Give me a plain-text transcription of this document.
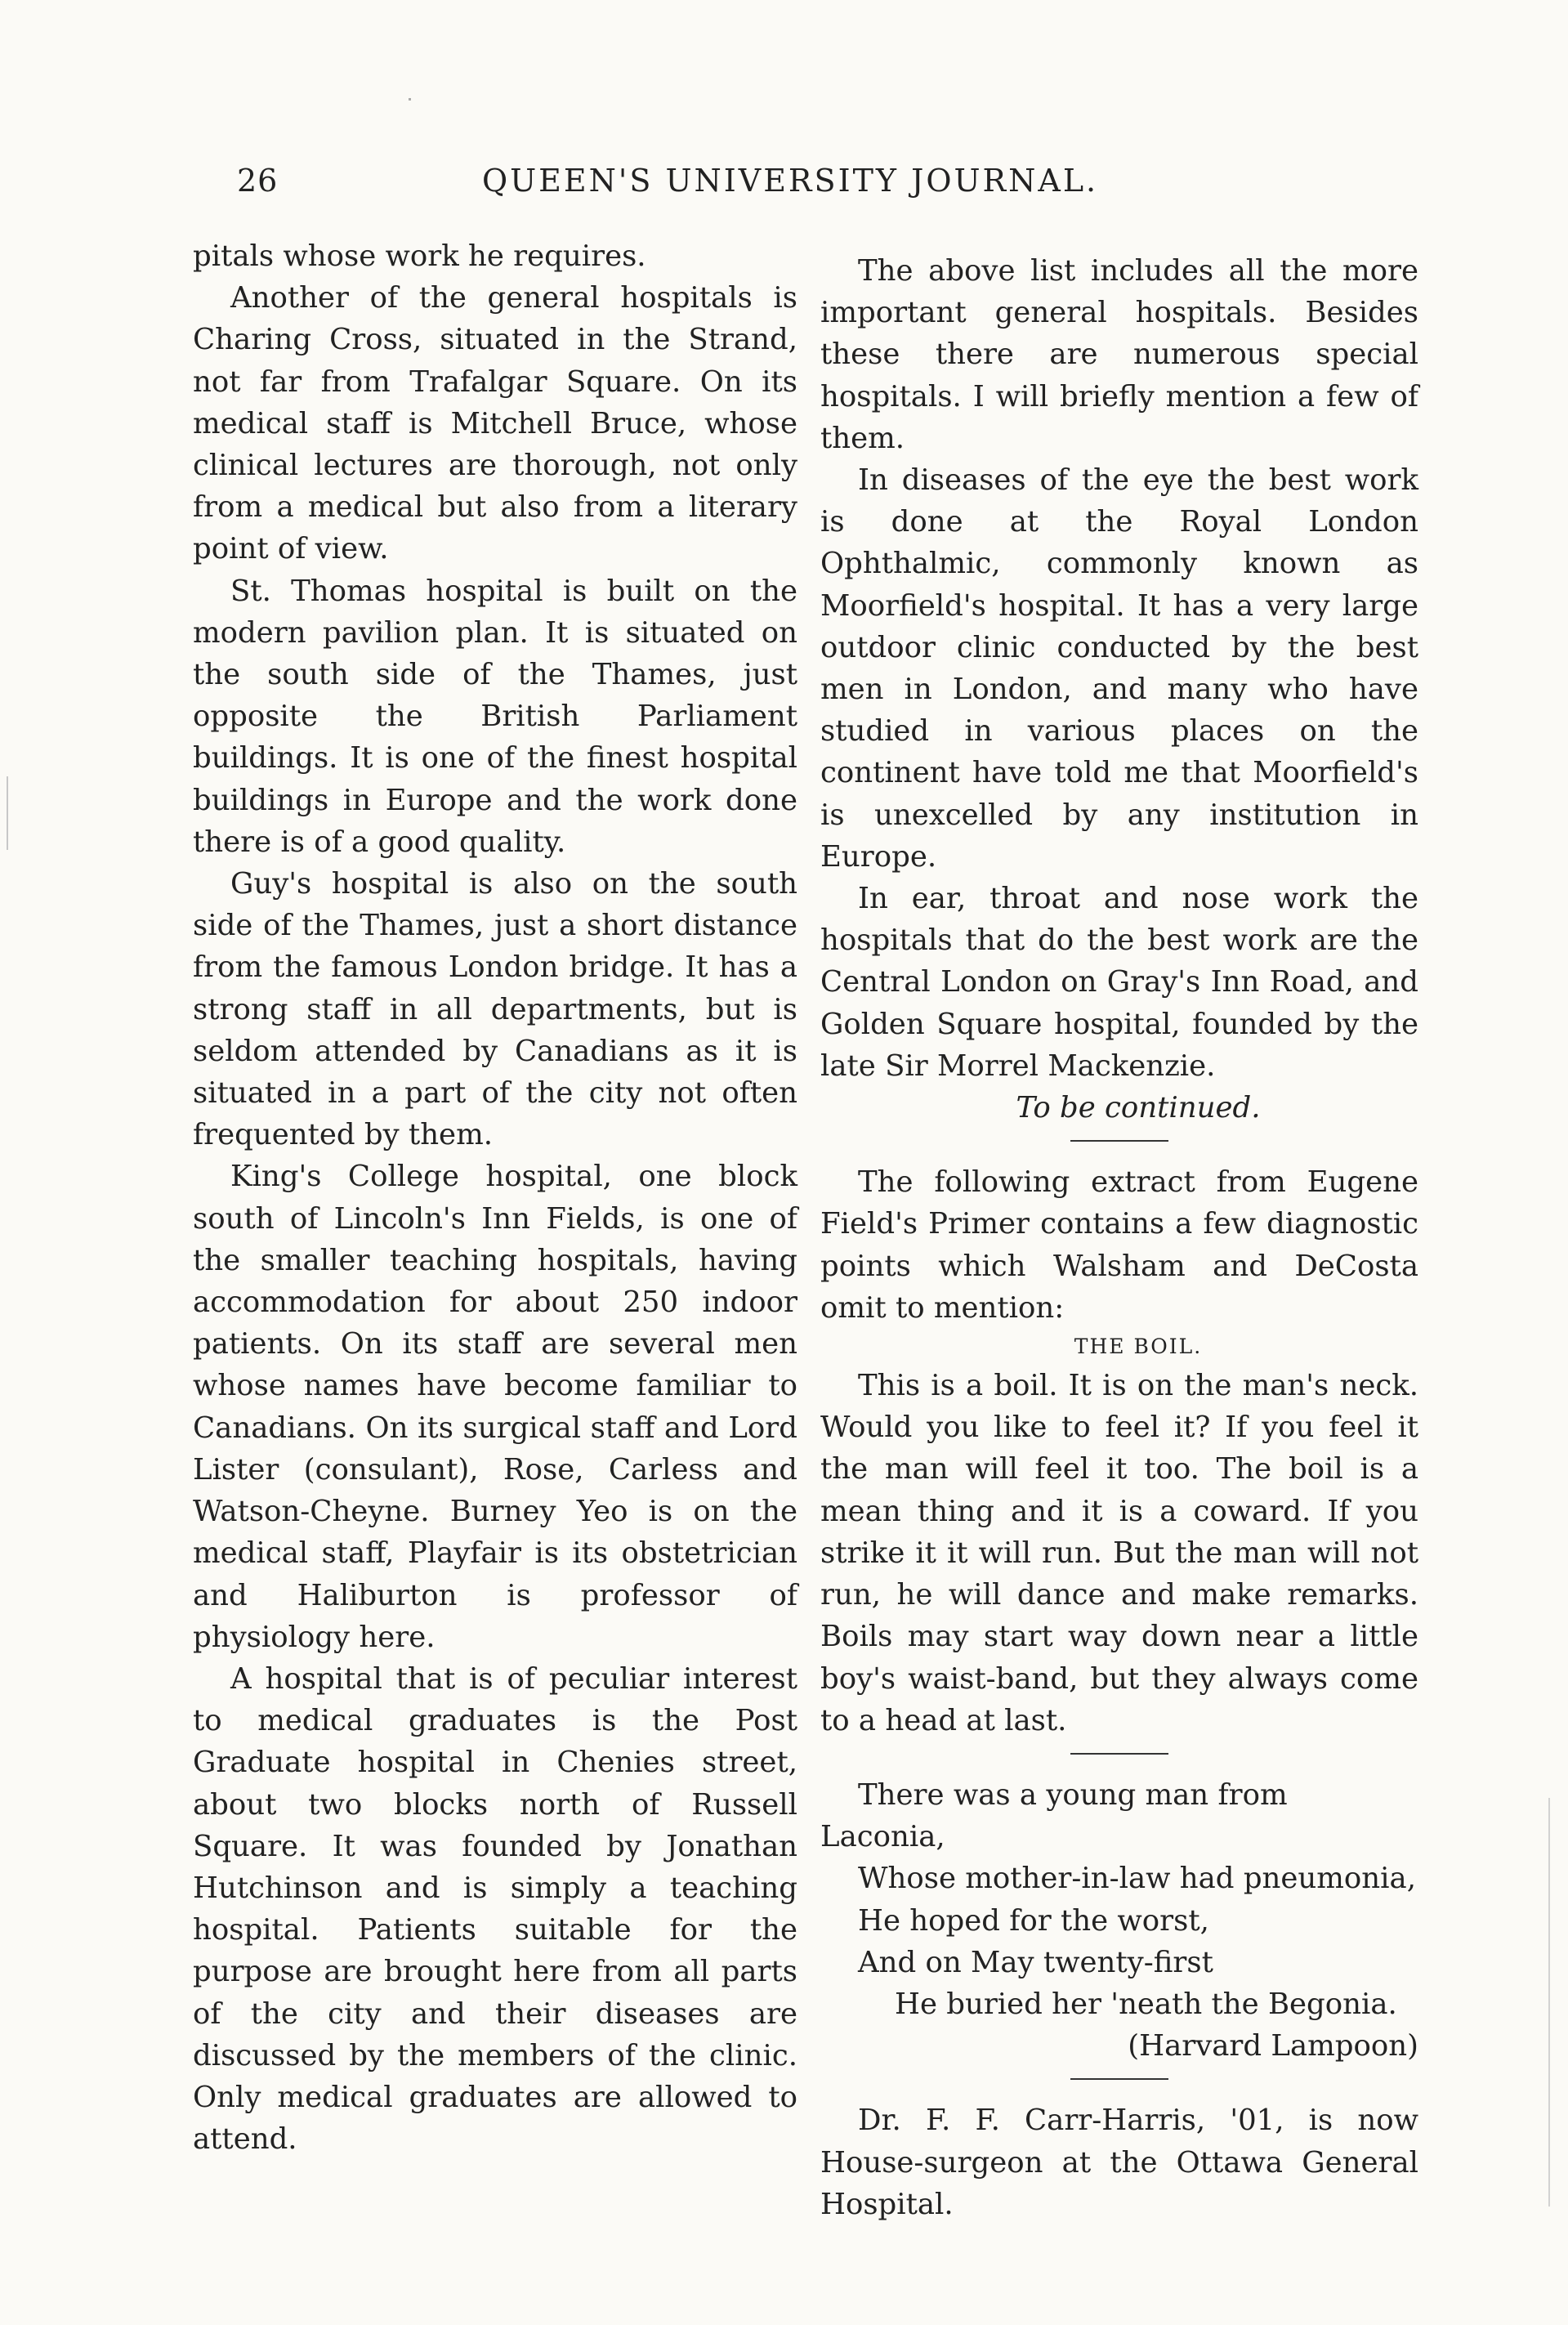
26	QUEEN'S UNIVERSITY JOURNAL.

pitals whose work he requires.

Another of the general hospitals is Charing Cross, situated in the Strand, not far from Trafalgar Square. On its medical staff is Mitchell Bruce, whose clinical lectures are thorough, not only from a medical but also from a literary point of view.

St. Thomas hospital is built on the modern pavilion plan. It is situated on the south side of the Thames, just opposite the British Parliament buildings. It is one of the finest hospital buildings in Europe and the work done there is of a good quality.

Guy's hospital is also on the south side of the Thames, just a short distance from the famous London bridge. It has a strong staff in all departments, but is seldom attended by Canadians as it is situated in a part of the city not often frequented by them.

King's College hospital, one block south of Lincoln's Inn Fields, is one of the smaller teaching hospitals, having accommodation for about 250 indoor patients. On its staff are several men whose names have become familiar to Canadians. On its surgical staff and Lord Lister (consulant), Rose, Carless and Watson-Cheyne. Burney Yeo is on the medical staff, Playfair is its obstetrician and Haliburton is professor of physiology here.

A hospital that is of peculiar interest to medical graduates is the Post Graduate hospital in Chenies street, about two blocks north of Russell Square. It was founded by Jonathan Hutchinson and is simply a teaching hospital. Patients suitable for the purpose are brought here from all parts of the city and their diseases are discussed by the members of the clinic. Only medical graduates are allowed to attend.

The above list includes all the more important general hospitals. Besides these there are numerous special hospitals. I will briefly mention a few of them.

In diseases of the eye the best work is done at the Royal London Ophthalmic, commonly known as Moorfield's hospital. It has a very large outdoor clinic conducted by the best men in London, and many who have studied in various places on the continent have told me that Moorfield's is unexcelled by any institution in Europe.

In ear, throat and nose work the hospitals that do the best work are the Central London on Gray's Inn Road, and Golden Square hospital, founded by the late Sir Morrel Mackenzie.

To be continued.

The following extract from Eugene Field's Primer contains a few diagnostic points which Walsham and DeCosta omit to mention:

THE BOIL.

This is a boil. It is on the man's neck. Would you like to feel it? If you feel it the man will feel it too. The boil is a mean thing and it is a coward. If you strike it it will run. But the man will not run, he will dance and make remarks. Boils may start way down near a little boy's waist-band, but they always come to a head at last.

There was a young man from Laconia,
Whose mother-in-law had pneumonia,
He hoped for the worst,
And on May twenty-first
He buried her 'neath the Begonia.
(Harvard Lampoon)

Dr. F. F. Carr-Harris, '01, is now House-surgeon at the Ottawa General Hospital.
